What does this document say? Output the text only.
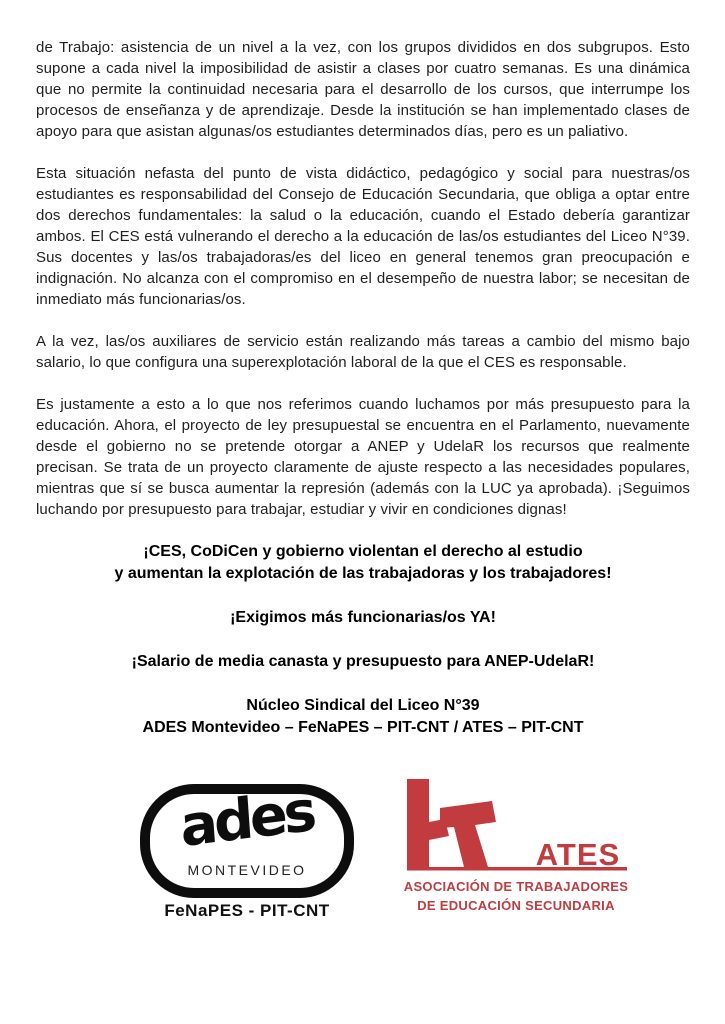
de Trabajo: asistencia de un nivel a la vez, con los grupos divididos en dos subgrupos. Esto supone a cada nivel la imposibilidad de asistir a clases por cuatro semanas. Es una dinámica que no permite la continuidad necesaria para el desarrollo de los cursos, que interrumpe los procesos de enseñanza y de aprendizaje. Desde la institución se han implementado clases de apoyo para que asistan algunas/os estudiantes determinados días, pero es un paliativo.

Esta situación nefasta del punto de vista didáctico, pedagógico y social para nuestras/os estudiantes es responsabilidad del Consejo de Educación Secundaria, que obliga a optar entre dos derechos fundamentales: la salud o la educación, cuando el Estado debería garantizar ambos. El CES está vulnerando el derecho a la educación de las/os estudiantes del Liceo N°39. Sus docentes y las/os trabajadoras/es del liceo en general tenemos gran preocupación e indignación. No alcanza con el compromiso en el desempeño de nuestra labor; se necesitan de inmediato más funcionarias/os.

A la vez, las/os auxiliares de servicio están realizando más tareas a cambio del mismo bajo salario, lo que configura una superexplotación laboral de la que el CES es responsable.

Es justamente a esto a lo que nos referimos cuando luchamos por más presupuesto para la educación. Ahora, el proyecto de ley presupuestal se encuentra en el Parlamento, nuevamente desde el gobierno no se pretende otorgar a ANEP y UdelaR los recursos que realmente precisan. Se trata de un proyecto claramente de ajuste respecto a las necesidades populares, mientras que sí se busca aumentar la represión (además con la LUC ya aprobada). ¡Seguimos luchando por presupuesto para trabajar, estudiar y vivir en condiciones dignas!

¡CES, CoDiCen y gobierno violentan el derecho al estudio
y aumentan la explotación de las trabajadoras y los trabajadores!
¡Exigimos más funcionarias/os YA!
¡Salario de media canasta y presupuesto para ANEP-UdelaR!
Núcleo Sindical del Liceo N°39
ADES Montevideo – FeNaPES – PIT-CNT / ATES – PIT-CNT
ades
MONTEVIDEO
FeNaPES - PIT-CNT
ATES
ASOCIACIÓN DE TRABAJADORES
DE EDUCACIÓN SECUNDARIA
